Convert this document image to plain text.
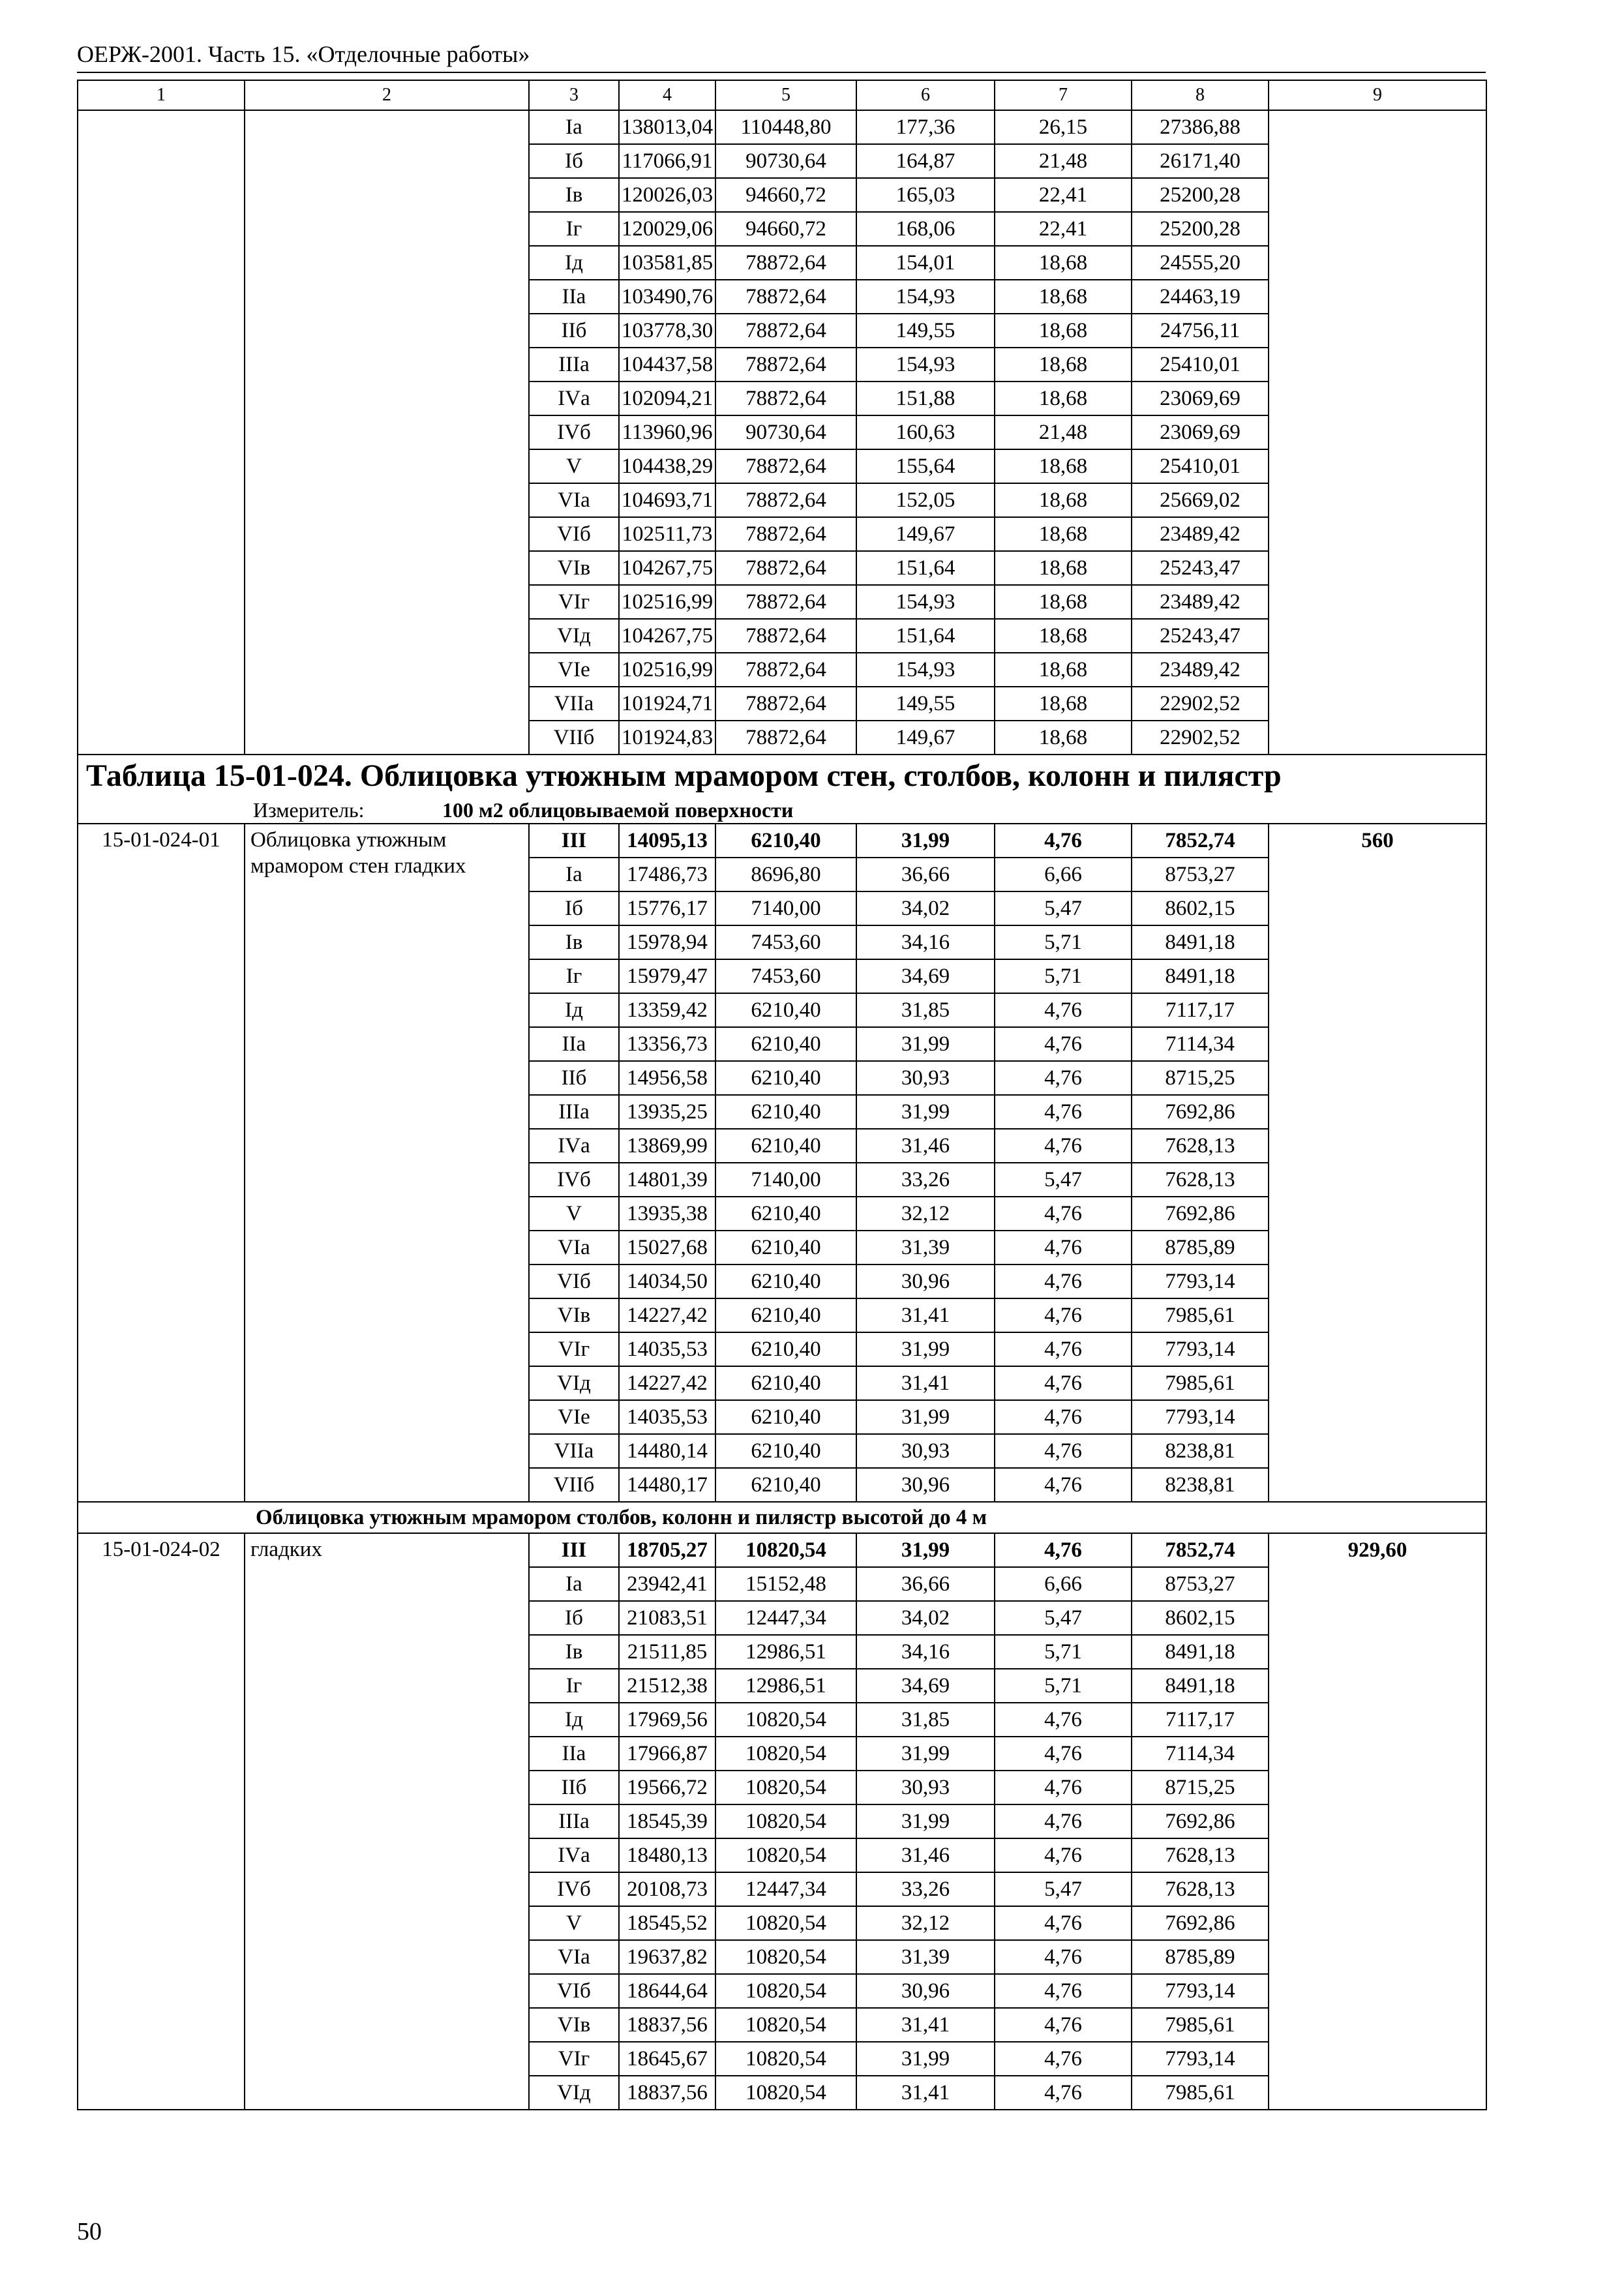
ОЕРЖ-2001. Часть 15. «Отделочные работы»
1	2	3	4	5	6	7	8	9
		Iа	138013,04	110448,80	177,36	26,15	27386,88	
		Iб	117066,91	90730,64	164,87	21,48	26171,40	
		Iв	120026,03	94660,72	165,03	22,41	25200,28	
		Iг	120029,06	94660,72	168,06	22,41	25200,28	
		Iд	103581,85	78872,64	154,01	18,68	24555,20	
		IIа	103490,76	78872,64	154,93	18,68	24463,19	
		IIб	103778,30	78872,64	149,55	18,68	24756,11	
		IIIа	104437,58	78872,64	154,93	18,68	25410,01	
		IVа	102094,21	78872,64	151,88	18,68	23069,69	
		IVб	113960,96	90730,64	160,63	21,48	23069,69	
		V	104438,29	78872,64	155,64	18,68	25410,01	
		VIа	104693,71	78872,64	152,05	18,68	25669,02	
		VIб	102511,73	78872,64	149,67	18,68	23489,42	
		VIв	104267,75	78872,64	151,64	18,68	25243,47	
		VIг	102516,99	78872,64	154,93	18,68	23489,42	
		VIд	104267,75	78872,64	151,64	18,68	25243,47	
		VIе	102516,99	78872,64	154,93	18,68	23489,42	
		VIIа	101924,71	78872,64	149,55	18,68	22902,52	
		VIIб	101924,83	78872,64	149,67	18,68	22902,52	
Таблица 15-01-024. Облицовка утюжным мрамором стен, столбов, колонн и пилястр								
Измеритель: 100 м2 облицовываемой поверхности								
15-01-024-01	Облицовка утюжным мрамором стен гладких	III	14095,13	6210,40	31,99	4,76	7852,74	560
		Iа	17486,73	8696,80	36,66	6,66	8753,27	
		Iб	15776,17	7140,00	34,02	5,47	8602,15	
		Iв	15978,94	7453,60	34,16	5,71	8491,18	
		Iг	15979,47	7453,60	34,69	5,71	8491,18	
		Iд	13359,42	6210,40	31,85	4,76	7117,17	
		IIа	13356,73	6210,40	31,99	4,76	7114,34	
		IIб	14956,58	6210,40	30,93	4,76	8715,25	
		IIIа	13935,25	6210,40	31,99	4,76	7692,86	
		IVа	13869,99	6210,40	31,46	4,76	7628,13	
		IVб	14801,39	7140,00	33,26	5,47	7628,13	
		V	13935,38	6210,40	32,12	4,76	7692,86	
		VIа	15027,68	6210,40	31,39	4,76	8785,89	
		VIб	14034,50	6210,40	30,96	4,76	7793,14	
		VIв	14227,42	6210,40	31,41	4,76	7985,61	
		VIг	14035,53	6210,40	31,99	4,76	7793,14	
		VIд	14227,42	6210,40	31,41	4,76	7985,61	
		VIе	14035,53	6210,40	31,99	4,76	7793,14	
		VIIа	14480,14	6210,40	30,93	4,76	8238,81	
		VIIб	14480,17	6210,40	30,96	4,76	8238,81	
Облицовка утюжным мрамором столбов, колонн и пилястр высотой до 4 м								
15-01-024-02	гладких	III	18705,27	10820,54	31,99	4,76	7852,74	929,60
		Iа	23942,41	15152,48	36,66	6,66	8753,27	
		Iб	21083,51	12447,34	34,02	5,47	8602,15	
		Iв	21511,85	12986,51	34,16	5,71	8491,18	
		Iг	21512,38	12986,51	34,69	5,71	8491,18	
		Iд	17969,56	10820,54	31,85	4,76	7117,17	
		IIа	17966,87	10820,54	31,99	4,76	7114,34	
		IIб	19566,72	10820,54	30,93	4,76	8715,25	
		IIIа	18545,39	10820,54	31,99	4,76	7692,86	
		IVа	18480,13	10820,54	31,46	4,76	7628,13	
		IVб	20108,73	12447,34	33,26	5,47	7628,13	
		V	18545,52	10820,54	32,12	4,76	7692,86	
		VIа	19637,82	10820,54	31,39	4,76	8785,89	
		VIб	18644,64	10820,54	30,96	4,76	7793,14	
		VIв	18837,56	10820,54	31,41	4,76	7985,61	
		VIг	18645,67	10820,54	31,99	4,76	7793,14	
		VIд	18837,56	10820,54	31,41	4,76	7985,61	
50
